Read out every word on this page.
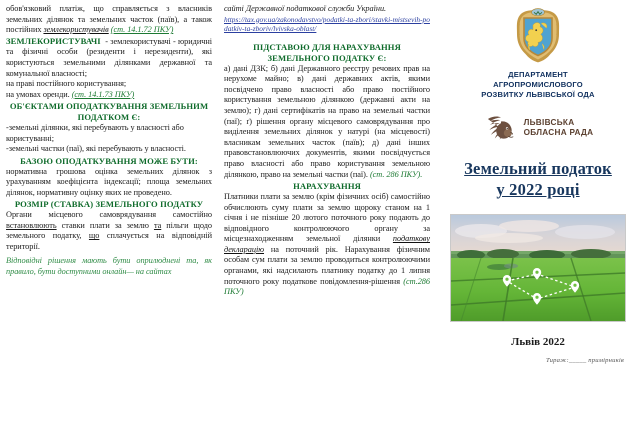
обов'язковий платіж, що справляється з власників земельних ділянок та земельних часток (паїв), а також постійних землекористувачів (ст. 14.1.72 ПКУ)

ЗЕМЛЕКОРИСТУВАЧІ - землекористувачі - юридичні та фізичні особи (резиденти і нерезиденти), які користуються земельними ділянками державної та комунальної власності;

на праві постійного користування;

на умовах оренди. (ст. 14.1.73 ПКУ)

ОБ'ЄКТАМИ ОПОДАТКУВАННЯ ЗЕМЕЛЬНИМ ПОДАТКОМ Є:

-земельні ділянки, які перебувають у власності або користуванні;

-земельні частки (паї), які перебувають у власності.

БАЗОЮ ОПОДАТКУВАННЯ МОЖЕ БУТИ:

нормативна грошова оцінка земельних ділянок з урахуванням коефіцієнта індексації; площа земельних ділянок, нормативну оцінку яких не проведено.

РОЗМІР (СТАВКА) ЗЕМЕЛЬНОГО ПОДАТКУ

Органи місцевого самоврядування самостійно встановлюють ставки плати за землю та пільги щодо земельного податку, що сплачується на відповідній території.

Відповідні рішення мають бути оприлюднені та, як правило, бути доступними онлайн— на сайтах

сайті Державної податкової служби України.

https://tax.gov.ua/zakonodavstvo/podatki-ta-zbori/stavki-mistsevih-podatkiv-ta-zboriv/lvivska-oblast/
ПІДСТАВОЮ ДЛЯ НАРАХУВАННЯ ЗЕМЕЛЬНОГО ПОДАТКУ Є:

а) дані ДЗК; б) дані Державного реєстру речових прав на нерухоме майно; в) дані державних актів, якими посвідчено право власності або право постійного користування земельною ділянкою (державні акти на землю); г) дані сертифікатів на право на земельні частки (паї); ґ) рішення органу місцевого самоврядування про виділення земельних ділянок у натурі (на місцевості) власникам земельних часток (паїв); д) дані інших правовстановлюючих документів, якими посвідчується право власності або право користування земельною ділянкою, право на земельні частки (паї). (ст. 286 ПКУ).

НАРАХУВАННЯ

Платники плати за землю (крім фізичних осіб) самостійно обчислюють суму плати за землю щороку станом на 1 січня і не пізніше 20 лютого поточного року подають до відповідного контролюючого органу за місцезнаходженням земельної ділянки податкову декларацію на поточний рік. Нарахування фізичним особам сум плати за землю проводиться контролюючими органами, які надсилають платнику податку до 1 липня поточного року податкове повідомлення-рішення (ст.286 ПКУ)

ДЕПАРТАМЕНТ
АГРОПРОМИСЛОВОГО
РОЗВИТКУ ЛЬВІВСЬКОЇ ОДА
ЛЬВІВСЬКА
ОБЛАСНА РАДА
Земельний податок
у 2022 році
Львів 2022
Тираж:_____ примірників
